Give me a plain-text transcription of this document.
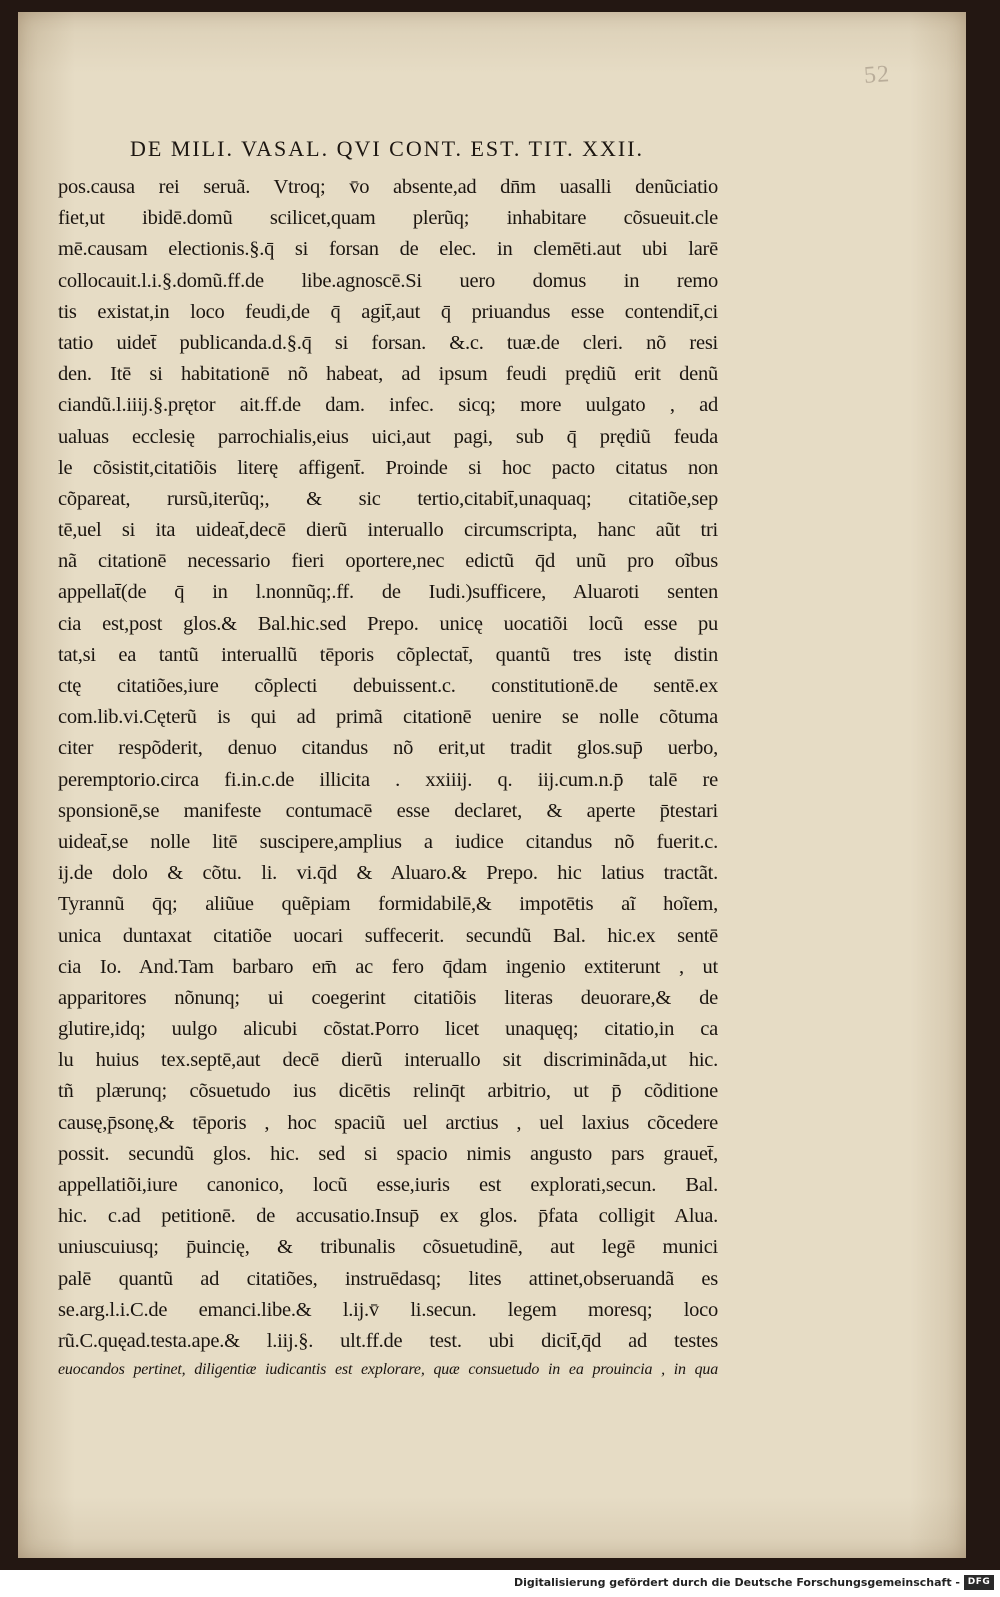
52
DE MILI. VASAL. QVI CONT. EST. TIT. XXII.
pos.causa rei seruã. Vtroq; v̄o absente,ad dn̄m uasalli denũciatio
fiet,ut ibidē.domũ scilicet,quam plerũq; inhabitare cõsueuit.cle
mē.causam electionis.§.q̄ si forsan de elec. in clemēti.aut ubi larē
collocauit.l.i.§.domũ.ff.de libe.agnoscē.Si uero domus in remo
tis existat,in loco feudi,de q̄ agit̄,aut q̄ priuandus esse contendit̄,ci
tatio uidet̄ publicanda.d.§.q̄ si forsan. &.c. tuæ.de cleri. nõ resi
den. Itē si habitationē nõ habeat, ad ipsum feudi prędiũ erit denũ
ciandũ.l.iiij.§.prętor ait.ff.de dam. infec. sicq; more uulgato , ad
ualuas ecclesię parrochialis,eius uici,aut pagi, sub q̄ prędiũ feuda
le cõsistit,citatiõis literę affigent̄. Proinde si hoc pacto citatus non
cõpareat, rursũ,iterũq;, & sic tertio,citabit̄,unaquaq; citatiõe,sep
tē,uel si ita uideat̄,decē dierũ interuallo circumscripta, hanc aũt tri
nã citationē necessario fieri oportere,nec edictũ q̄d unũ pro oĩbus
appellat̄(de q̄ in l.nonnũq;.ff. de Iudi.)sufficere, Aluaroti senten
cia est,post glos.& Bal.hic.sed Prepo. unicę uocatiõi locũ esse pu
tat,si ea tantũ interuallũ tēporis cõplectat̄, quantũ tres istę distin
ctę citatiões,iure cõplecti debuissent.c. constitutionē.de sentē.ex
com.lib.vi.Cęterũ is qui ad primã citationē uenire se nolle cõtuma
citer respõderit, denuo citandus nõ erit,ut tradit glos.sup̄ uerbo,
peremptorio.circa fi.in.c.de illicita . xxiiij. q. iij.cum.n.p̄ talē re
sponsionē,se manifeste contumacē esse declaret, & aperte p̄testari
uideat̄,se nolle litē suscipere,amplius a iudice citandus nõ fuerit.c.
ij.de dolo & cõtu. li. vi.q̄d & Aluaro.& Prepo. hic latius tractãt.
Tyrannũ q̄q; aliũue quẽpiam formidabilē,& impotētis aĩ hoĩem,
unica duntaxat citatiõe uocari suffecerit. secundũ Bal. hic.ex sentē
cia Io. And.Tam barbaro em̄ ac fero q̄dam ingenio extiterunt , ut
apparitores nõnunq; ui coegerint citatiõis literas deuorare,& de
glutire,idq; uulgo alicubi cõstat.Porro licet unaquęq; citatio,in ca
lu huius tex.septē,aut decē dierũ interuallo sit discriminãda,ut hic.
tñ plærunq; cõsuetudo ius dicētis relinq̄t arbitrio, ut p̄ cõditione
causę,p̄sonę,& tēporis , hoc spaciũ uel arctius , uel laxius cõcedere
possit. secundũ glos. hic. sed si spacio nimis angusto pars grauet̄,
appellatiõi,iure canonico, locũ esse,iuris est explorati,secun. Bal.
hic. c.ad petitionē. de accusatio.Insup̄ ex glos. p̄fata colligit Alua.
uniuscuiusq; p̄uincię, & tribunalis cõsuetudinē, aut legē munici
palē quantũ ad citatiões, instruēdasq; lites attinet,obseruandã es
se.arg.l.i.C.de emanci.libe.& l.ij.v̄ li.secun. legem moresq; loco
rũ.C.quęad.testa.ape.& l.iij.§. ult.ff.de test. ubi dicit̄,q̄d ad testes
euocandos pertinet, diligentiæ iudicantis est explorare, quæ consuetudo in ea prouincia , in qua
Digitalisierung gefördert durch die Deutsche Forschungsgemeinschaft - DFG
